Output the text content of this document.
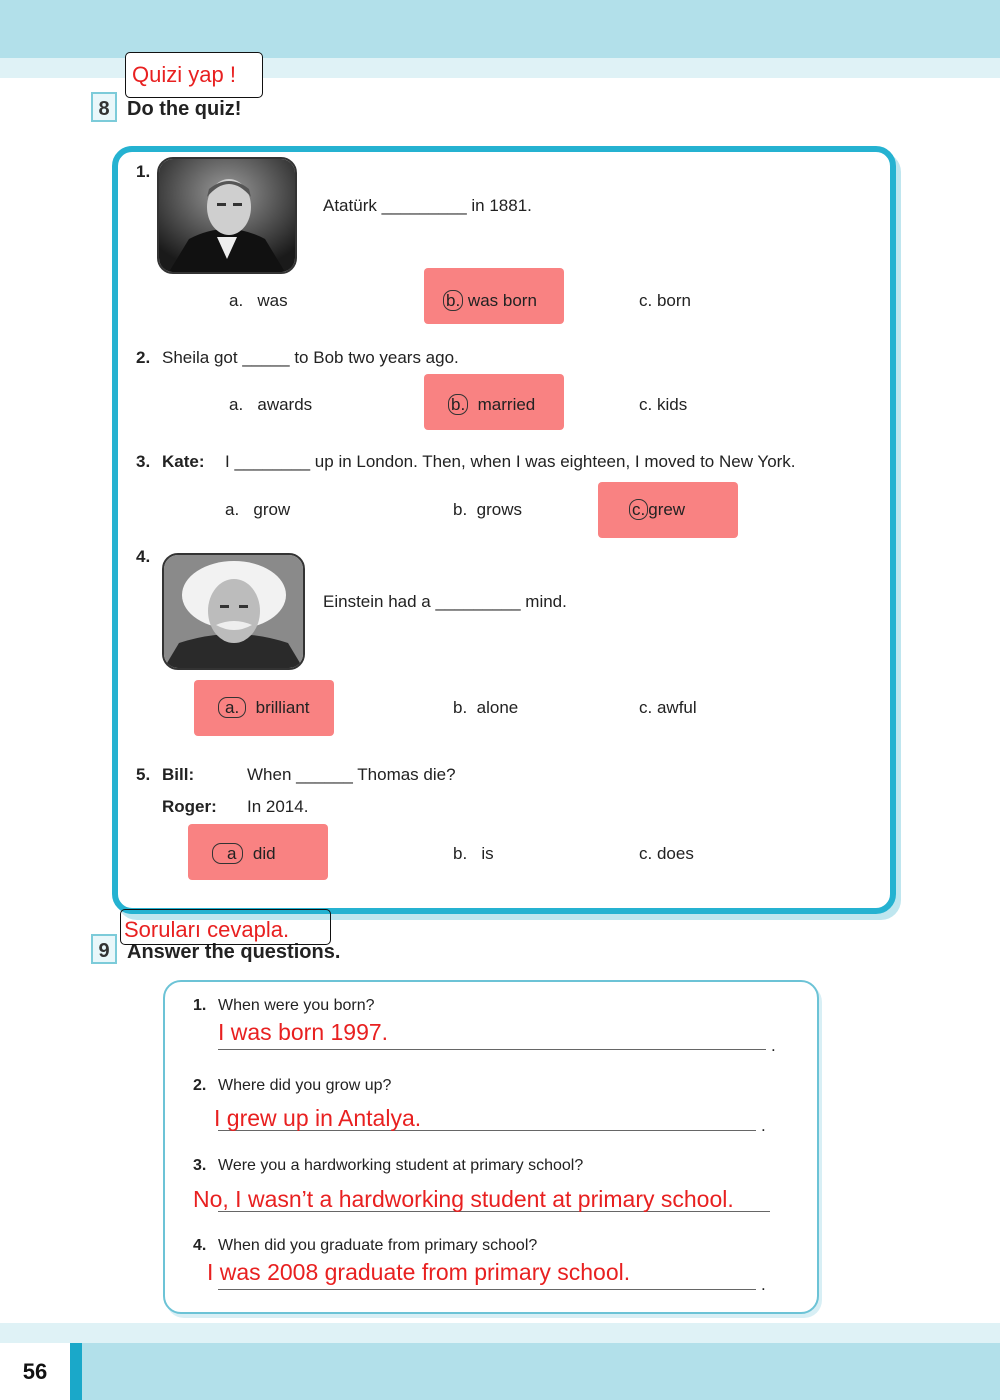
56
Quizi yap !
8 Do the quiz!
1.
Atatürk _________ in 1881.
a. was	b. was born	c. born
2. Sheila got _____ to Bob two years ago.
a. awards	b. married	c. kids
3. Kate: I ________ up in London. Then, when I was eighteen, I moved to New York.
a. grow	b. grows	c. grew
4.
Einstein had a _________ mind.
a. brilliant	b. alone	c. awful
5. Bill:	When ______ Thomas die?
Roger: In 2014.
a did	b. is	c. does
9 Answer the questions.
Soruları cevapla.
1. When were you born?
.
I was born 1997.
2. Where did you grow up?
.
I grew up in Antalya.
3. Were you a hardworking student at primary school?
No, I wasn’t a hardworking student at primary school.
4. When did you graduate from primary school?
.
I was 2008 graduate from primary school.
